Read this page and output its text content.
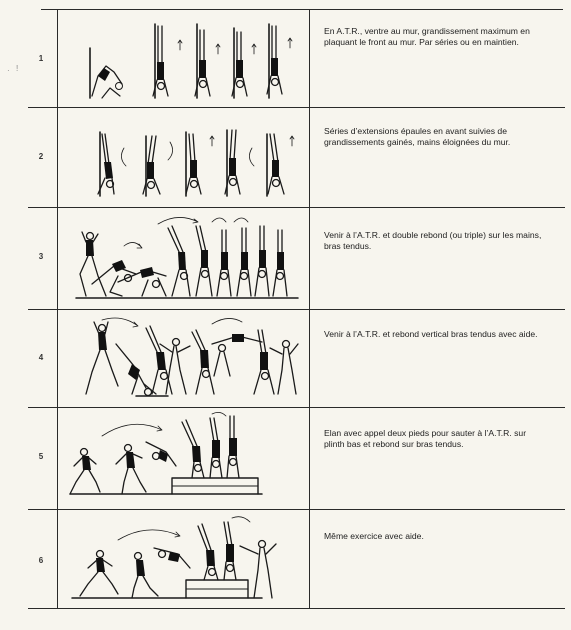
· !
1
En A.T.R., ventre au mur, grandissement maximum en plaquant le front au mur. Par séries ou en maintien.
2
Séries d’extensions épaules en avant suivies de grandissements gainés, mains éloignées du mur.
3
Venir à l’A.T.R. et double rebond (ou triple) sur les mains, bras tendus.
4
Venir à l’A.T.R. et rebond vertical bras tendus avec aide.
5
Elan avec appel deux pieds pour sauter à l’A.T.R. sur plinth bas et rebond sur bras tendus.
6
Même exercice avec aide.
